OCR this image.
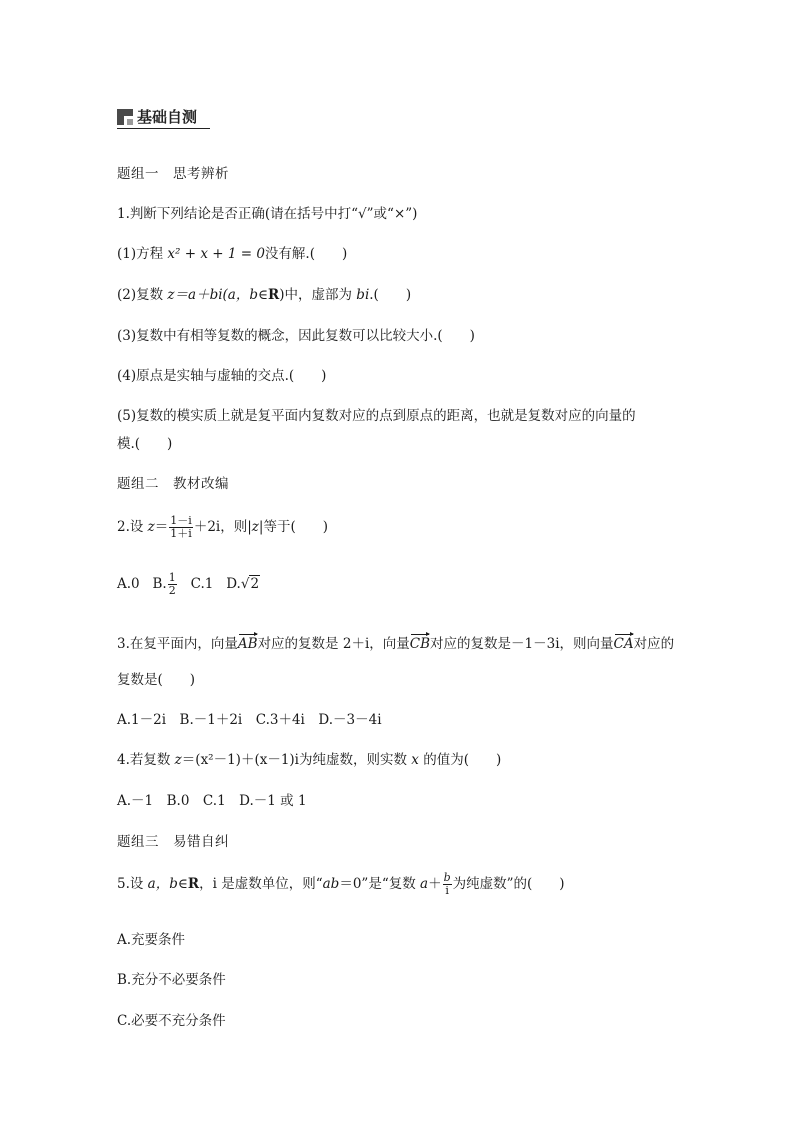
基础自测
题组一　思考辨析
1.判断下列结论是否正确(请在括号中打“√”或“×”)
(1)方程 x² + x + 1 = 0没有解.(　　)
(2)复数 z＝a＋bi(a，b∈R)中，虚部为 bi.(　　)
(3)复数中有相等复数的概念，因此复数可以比较大小.(　　)
(4)原点是实轴与虚轴的交点.(　　)
(5)复数的模实质上就是复平面内复数对应的点到原点的距离，也就是复数对应的向量的
模.(　　)
题组二　教材改编
2.设 $z= \frac{1-i}{1+i} +2i$，则|z|等于(　　)
A.0 B. $\frac{1}{2} C.1$ D.√2
3.在复平面内，向量AB对应的复数是 2＋i，向量CB对应的复数是－1－3i，则向量CA对应的
复数是(　　)
A.1－2i　B.－1＋2i　C.3＋4i　D.－3－4i
4.若复数 z＝(x²－1)＋(x－1)i为纯虚数，则实数 x 的值为(　　)
A.－1　B.0　C.1　D.－1 或 1
题组三　易错自纠
5.设 a，b∈R，i 是虚数单位，则“ab＝0”是“复数 $a+ \frac{b}{i}$ 为纯虚数”的(　　)
A.充要条件
B.充分不必要条件
C.必要不充分条件
